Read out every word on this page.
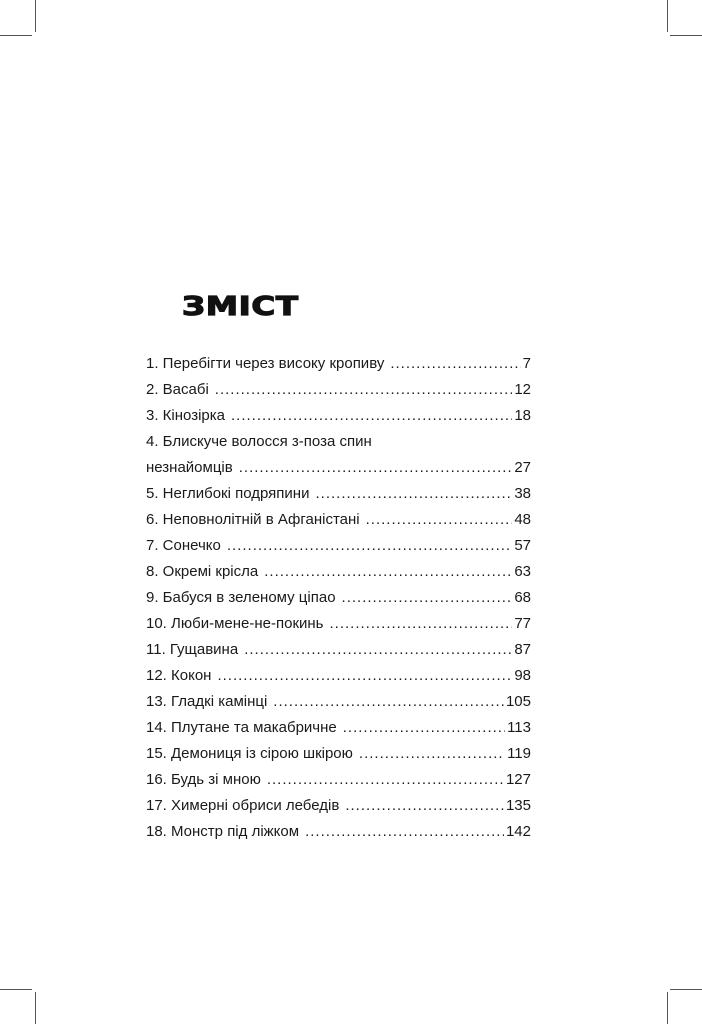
ЗМІСТ
1. Перебігти через високу кропиву .....	7
2. Васабі .....	12
3. Кінозірка .....	18
4. Блискуче волосся з-поза спин
незнайомців .....	27
5. Неглибокі подряпини .....	38
6. Неповнолітній в Афганістані .....	48
7. Сонечко .....	57
8. Окремі крісла .....	63
9. Бабуся в зеленому ціпао .....	68
10. Люби-мене-не-покинь .....	77
11. Гущавина .....	87
12. Кокон .....	98
13. Гладкі камінці .....	105
14. Плутане та макабричне .....	113
15. Демониця із сірою шкірою .....	119
16. Будь зі мною .....	127
17. Химерні обриси лебедів .....	135
18. Монстр під ліжком .....	142
